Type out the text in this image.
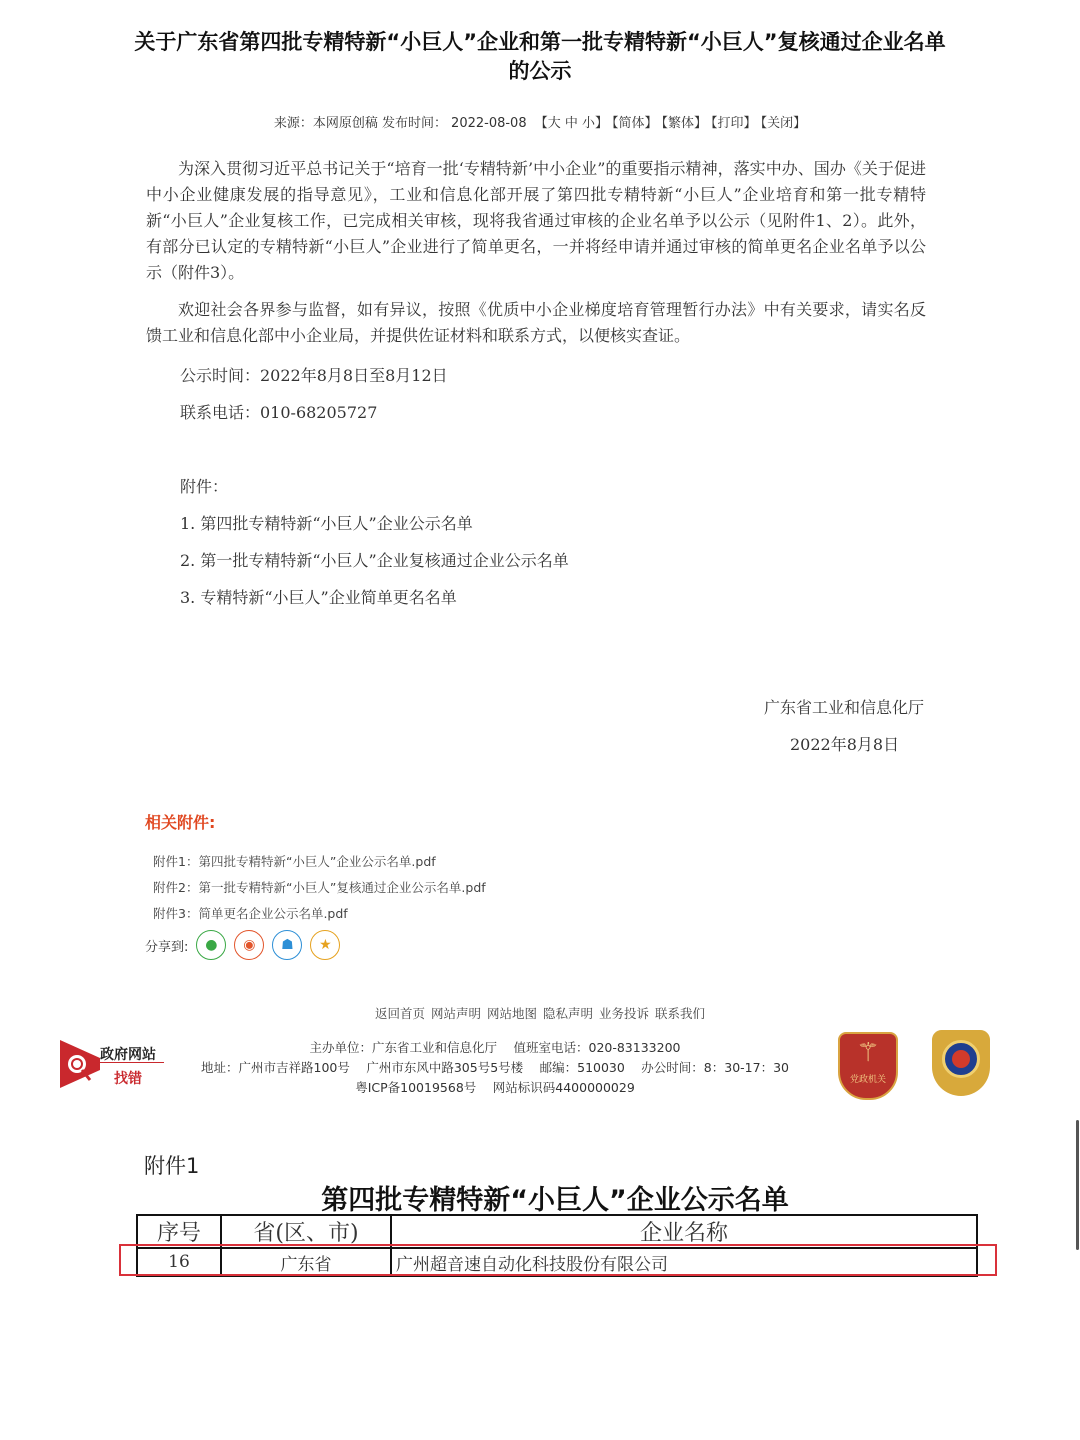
关于广东省第四批专精特新“小巨人”企业和第一批专精特新“小巨人”复核通过企业名单的公示
来源：本网原创稿 发布时间： 2022-08-08 【大 中 小】 【简体】 【繁体】 【打印】 【关闭】

为深入贯彻习近平总书记关于“培育一批‘专精特新’中小企业”的重要指示精神，落实中办、国办《关于促进中小企业健康发展的指导意见》，工业和信息化部开展了第四批专精特新“小巨人”企业培育和第一批专精特新“小巨人”企业复核工作，已完成相关审核，现将我省通过审核的企业名单予以公示（见附件1、2）。此外，有部分已认定的专精特新“小巨人”企业进行了简单更名，一并将经申请并通过审核的简单更名企业名单予以公示（附件3）。

欢迎社会各界参与监督，如有异议，按照《优质中小企业梯度培育管理暂行办法》中有关要求，请实名反馈工业和信息化部中小企业局，并提供佐证材料和联系方式，以便核实查证。

公示时间：2022年8月8日至8月12日
联系电话：010-68205727
附件：
1. 第四批专精特新“小巨人”企业公示名单
2. 第一批专精特新“小巨人”企业复核通过企业公示名单
3. 专精特新“小巨人”企业简单更名名单
广东省工业和信息化厅
2022年8月8日
相关附件:
附件1：第四批专精特新“小巨人”企业公示名单.pdf
附件2：第一批专精特新“小巨人”复核通过企业公示名单.pdf
附件3：简单更名企业公示名单.pdf
分享到:	●	◉	☗	★
返回首页 网站声明 网站地图 隐私声明 业务投诉 联系我们
政府网站
找错
主办单位：广东省工业和信息化厅　 值班室电话：020-83133200
地址：广州市吉祥路100号　 广州市东风中路305号5号楼　 邮编：510030　 办公时间：8：30-17：30
粤ICP备10019568号　 网站标识码4400000029
⚚
党政机关
附件1
第四批专精特新“小巨人”企业公示名单
序号	省(区、市)	企业名称
16	广东省	广州超音速自动化科技股份有限公司
